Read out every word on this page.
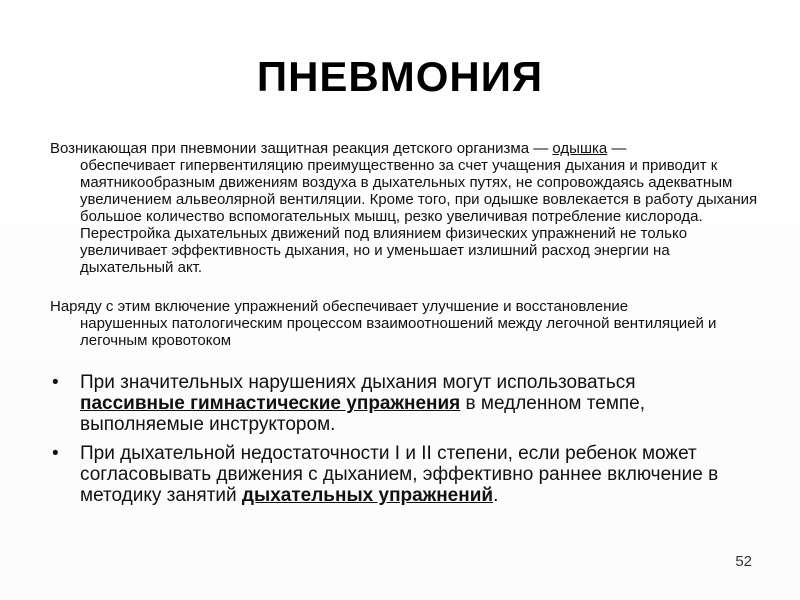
ПНЕВМОНИЯ
Возникающая при пневмонии защитная реакция детского организма — одышка —
обеспечивает гипервентиляцию преимущественно за счет учащения дыхания и приводит к маятникообразным движениям воздуха в дыхательных путях, не сопровождаясь адекватным увеличением альвеолярной вентиляции. Кроме того, при одышке вовлекается в работу дыхания большое количество вспомогательных мышц, резко увеличивая потребление кислорода. Перестройка дыхательных движений под влиянием физических упражнений не только увеличивает эффективность дыхания, но и уменьшает излишний расход энергии на дыхательный акт.
Наряду с этим включение упражнений обеспечивает улучшение и восстановление
нарушенных патологическим процессом взаимоотношений между легочной вентиляцией и легочным кровотоком
• При значительных нарушениях дыхания могут использоваться пассивные гимнастические упражнения в медленном темпе, выполняемые инструктором.
• При дыхательной недостаточности I и II степени, если ребенок может согласовывать движения с дыханием, эффективно раннее включение в методику занятий дыхательных упражнений.
52
